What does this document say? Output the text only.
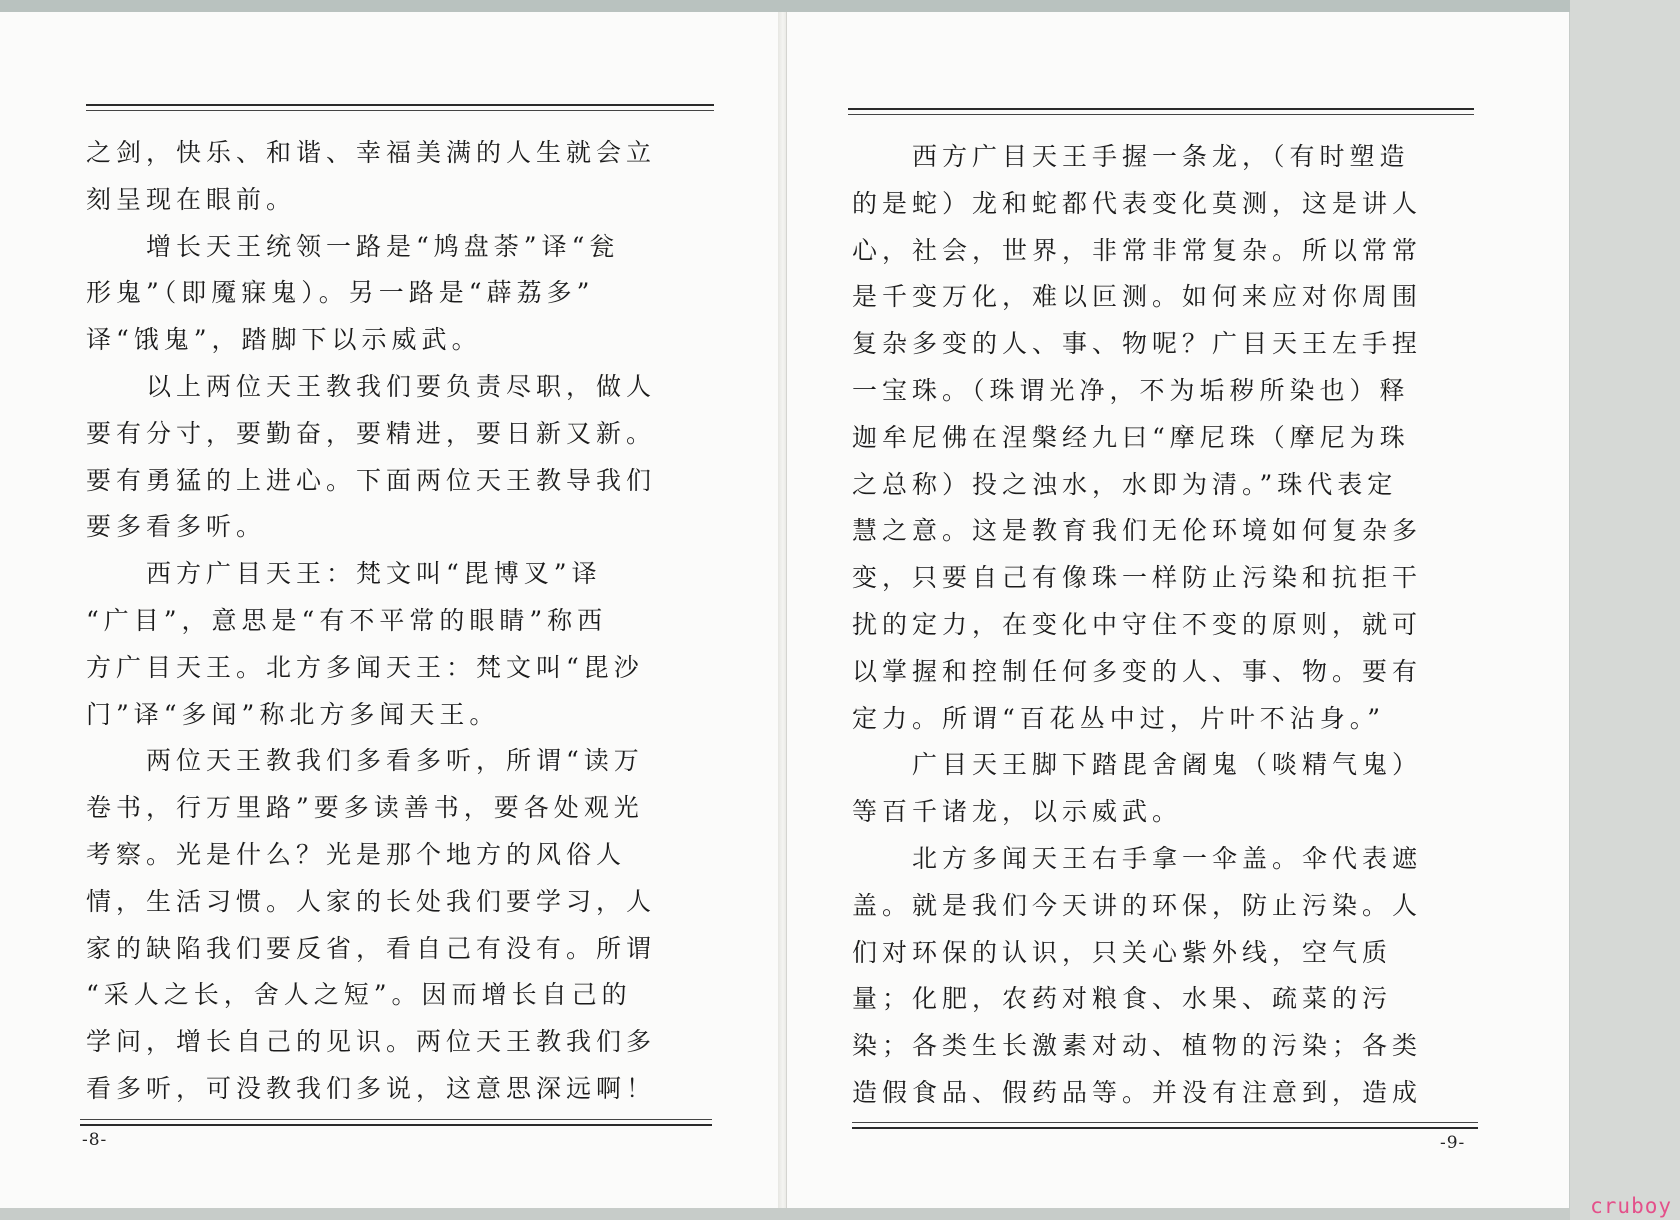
之剑，快乐、和谐、幸福美满的人生就会立

刻呈现在眼前。

　　增长天王统领一路是“鸠盘荼”译“瓮

形鬼”（即魇寐鬼）。另一路是“薜荔多”

译“饿鬼”，踏脚下以示威武。

　　以上两位天王教我们要负责尽职，做人

要有分寸，要勤奋，要精进，要日新又新。

要有勇猛的上进心。下面两位天王教导我们

要多看多听。

　　西方广目天王：梵文叫“毘博叉”译

“广目”，意思是“有不平常的眼睛”称西

方广目天王。北方多闻天王：梵文叫“毘沙

门”译“多闻”称北方多闻天王。

　　两位天王教我们多看多听，所谓“读万

卷书，行万里路”要多读善书，要各处观光

考察。光是什么？光是那个地方的风俗人

情，生活习惯。人家的长处我们要学习，人

家的缺陷我们要反省，看自己有没有。所谓

“采人之长，舍人之短”。因而增长自己的

学问，增长自己的见识。两位天王教我们多

看多听，可没教我们多说，这意思深远啊！

-8-

　　西方广目天王手握一条龙，（有时塑造

的是蛇）龙和蛇都代表变化莫测，这是讲人

心，社会，世界，非常非常复杂。所以常常

是千变万化，难以叵测。如何来应对你周围

复杂多变的人、事、物呢？广目天王左手捏

一宝珠。（珠谓光净，不为垢秽所染也）释

迦牟尼佛在涅槃经九曰“摩尼珠（摩尼为珠

之总称）投之浊水，水即为清。”珠代表定

慧之意。这是教育我们无伦环境如何复杂多

变，只要自己有像珠一样防止污染和抗拒干

扰的定力，在变化中守住不变的原则，就可

以掌握和控制任何多变的人、事、物。要有

定力。所谓“百花丛中过，片叶不沾身。”

　　广目天王脚下踏毘舍阇鬼（啖精气鬼）

等百千诸龙，以示威武。

　　北方多闻天王右手拿一伞盖。伞代表遮

盖。就是我们今天讲的环保，防止污染。人

们对环保的认识，只关心紫外线，空气质

量；化肥，农药对粮食、水果、疏菜的污

染；各类生长激素对动、植物的污染；各类

造假食品、假药品等。并没有注意到，造成

-9-
cruboy
